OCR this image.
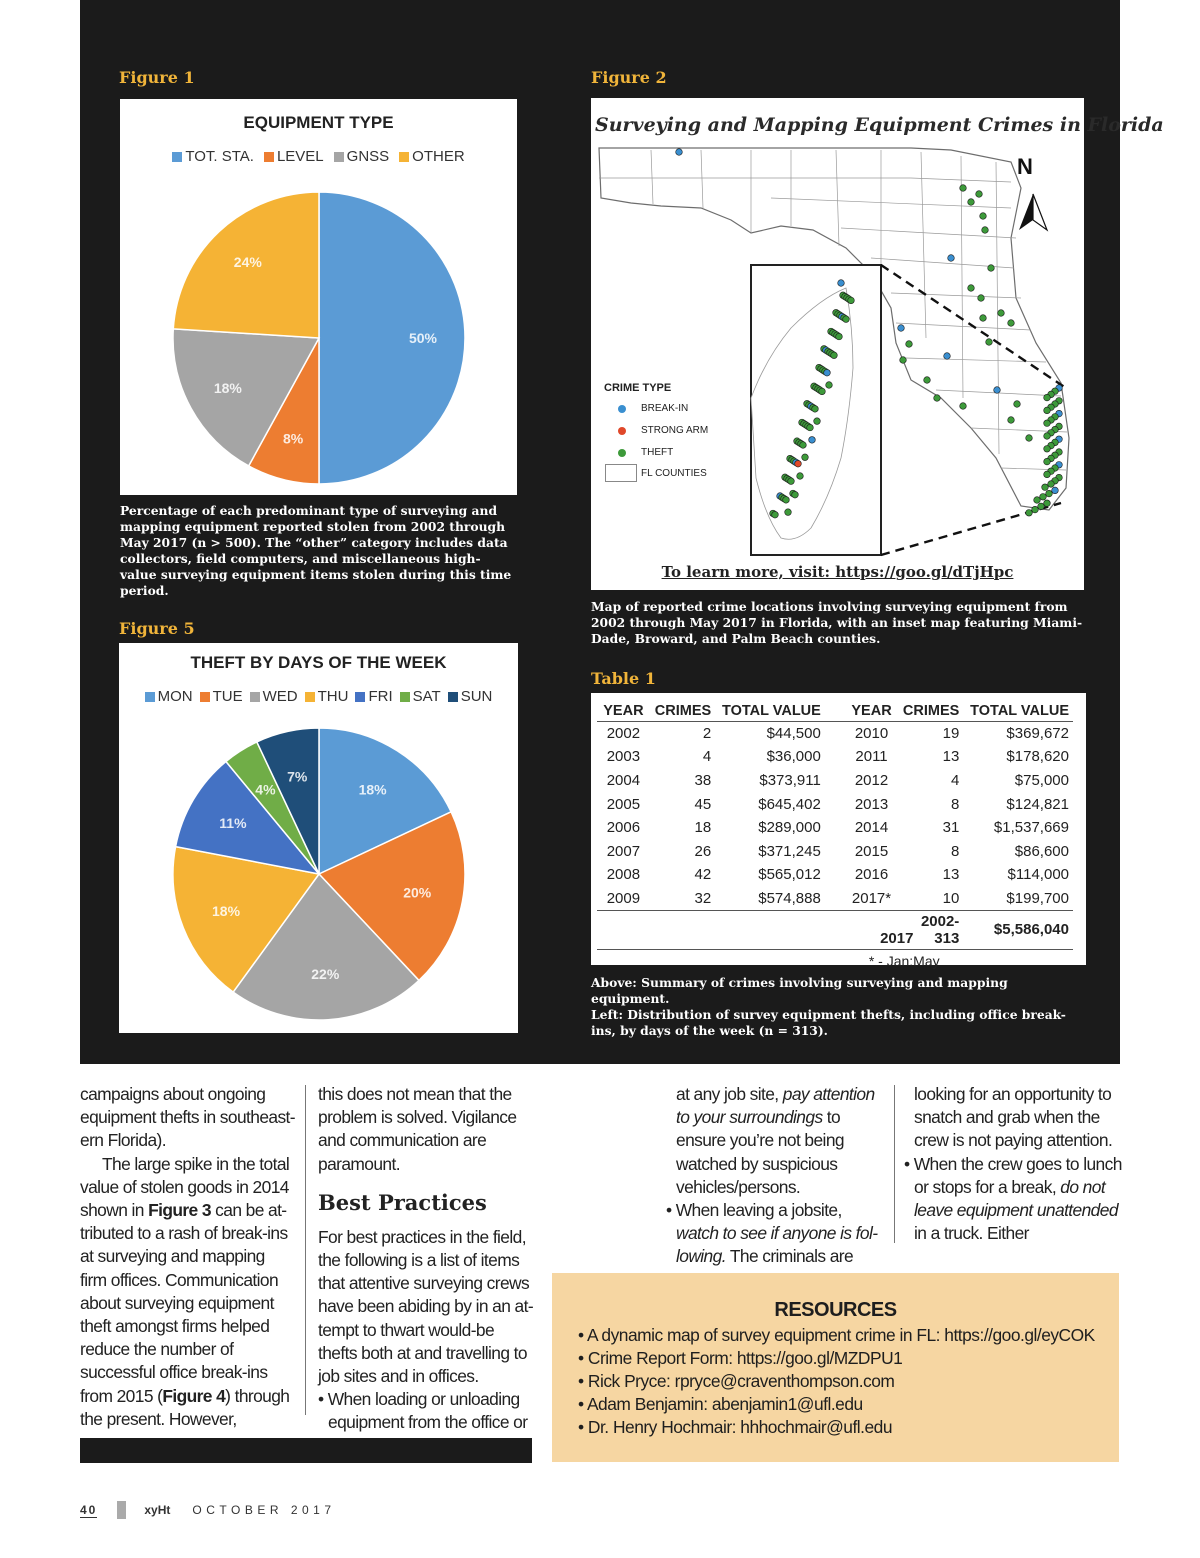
Figure 1
EQUIPMENT TYPE
TOT. STA. LEVEL GNSS OTHER
50%
8%
18%
24%
Percentage of each predominant type of surveying and mapping equipment reported stolen from 2002 through May 2017 (n > 500). The “other” category includes data collectors, field computers, and miscellaneous high-value surveying equipment items stolen during this time period.
Figure 2
Surveying and Mapping Equipment Crimes in Florida
N
CRIME TYPE
BREAK-IN
STRONG ARM
THEFT
FL COUNTIES
To learn more, visit: https://goo.gl/dTjHpc
Map of reported crime locations involving surveying equipment from 2002 through May 2017 in Florida, with an inset map featuring Miami-Dade, Broward, and Palm Beach counties.
Figure 5
THEFT BY DAYS OF THE WEEK
MON TUE WED THU FRI SAT SUN
18%
20%
22%
18%
11%
4%
7%
Table 1
YEAR	CRIMES	TOTAL VALUE		YEAR	CRIMES	TOTAL VALUE
2002	2	$44,500		2010	19	$369,672
2003	4	$36,000		2011	13	$178,620
2004	38	$373,911		2012	4	$75,000
2005	45	$645,402		2013	8	$124,821
2006	18	$289,000		2014	31	$1,537,669
2007	26	$371,245		2015	8	$86,600
2008	42	$565,012		2016	13	$114,000
2009	32	$574,888		2017*	10	$199,700
				2002-2017 313		$5,586,040
				* - Jan:May		
Above: Summary of crimes involving surveying and mapping equipment.
Left: Distribution of survey equipment thefts, including office break-ins, by days of the week (n = 313).

campaigns about ongoing equipment thefts in southeast-ern Florida).

The large spike in the total value of stolen goods in 2014 shown in Figure 3 can be at-tributed to a rash of break-ins at surveying and mapping firm offices. Communication about surveying equipment theft amongst firms helped reduce the number of successful office break-ins from 2015 (Figure 4) through the present. However,

this does not mean that the problem is solved. Vigilance and communication are paramount.

Best Practices

For best practices in the field, the following is a list of items that attentive surveying crews have been abiding by in an at-tempt to thwart would-be thefts both at and travelling to job sites and in offices.

• When loading or unloading equipment from the office or

at any job site, pay attention to your surroundings to ensure you’re not being watched by suspicious vehicles/persons.

• When leaving a jobsite, watch to see if anyone is fol-lowing. The criminals are

looking for an opportunity to snatch and grab when the crew is not paying attention.

• When the crew goes to lunch or stops for a break, do not leave equipment unattended in a truck. Either

RESOURCES
• A dynamic map of survey equipment crime in FL: https://goo.gl/eyCOK
• Crime Report Form: https://goo.gl/MZDPU1
• Rick Pryce: rpryce@craventhompson.com
• Adam Benjamin: abenjamin1@ufl.edu
• Dr. Henry Hochmair: hhhochmair@ufl.edu
40	xyHt OCTOBER 2017
